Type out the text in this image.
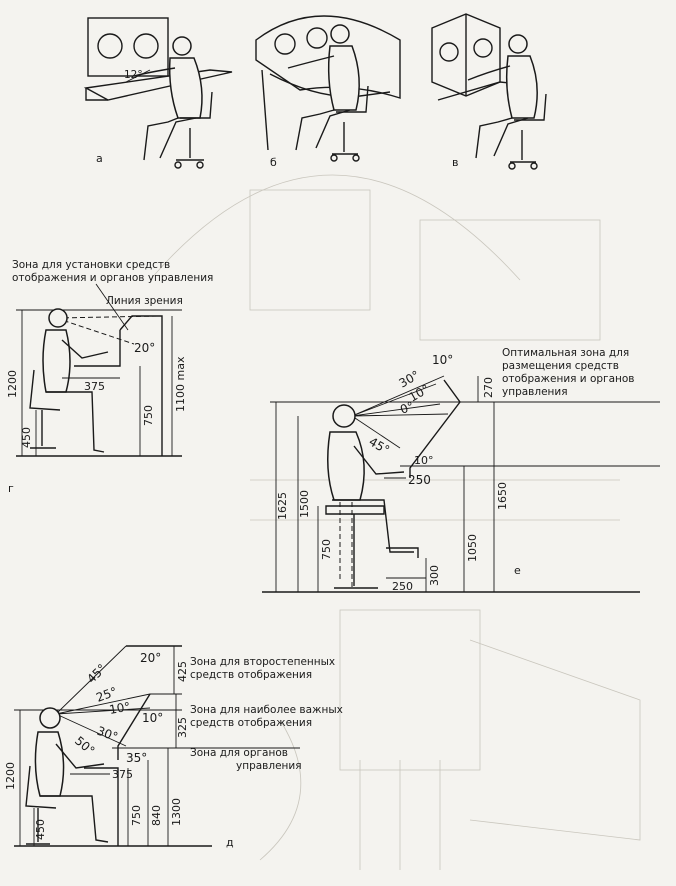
12°
а	б	в
Зона для установки средств
отображения и органов управления
Линия зрения
20°
1200
450
375
750
1100 max
г
Оптимальная зона для
размещения средств
отображения и органов
управления
10°
10°
30°
10°
0°
45°
270
250
1625 1500
750	1050
1650
300
250
е
Зона для второстепенных
средств отображения
Зона для наиболее важных
средств отображения
Зона для органов
управления
425
325
20°
45°
25°
10°
10°
30°
50°
35°
1200
450
375
750 840 1300
д
